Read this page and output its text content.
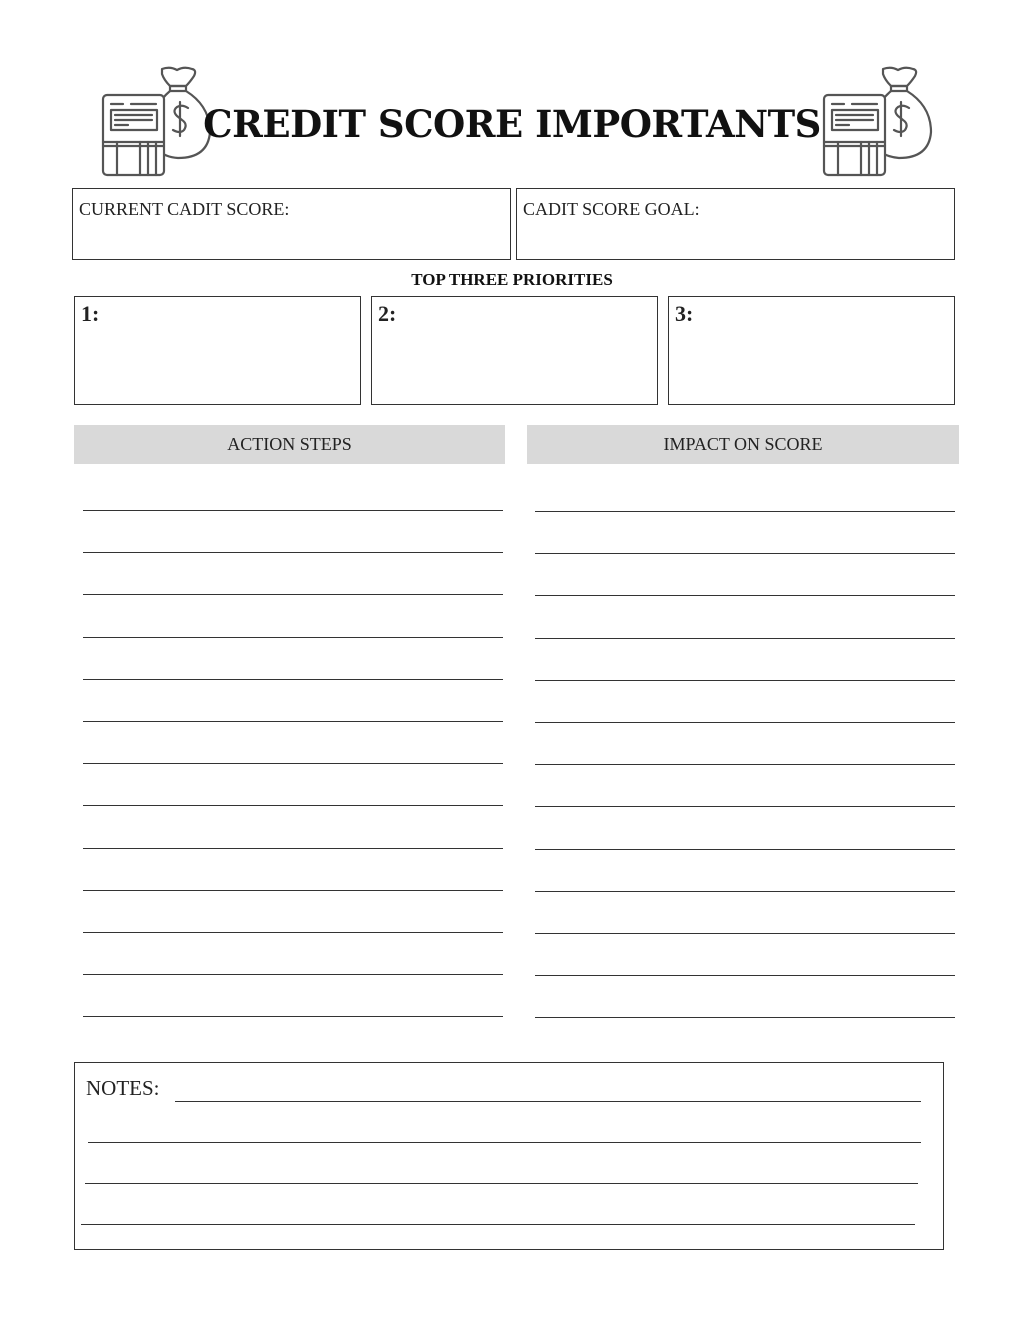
CREDIT SCORE IMPORTANTS
CURRENT CADIT SCORE:	CADIT SCORE GOAL:
TOP THREE PRIORITIES
1:	2:	3:
ACTION STEPS	IMPACT ON SCORE
NOTES:
